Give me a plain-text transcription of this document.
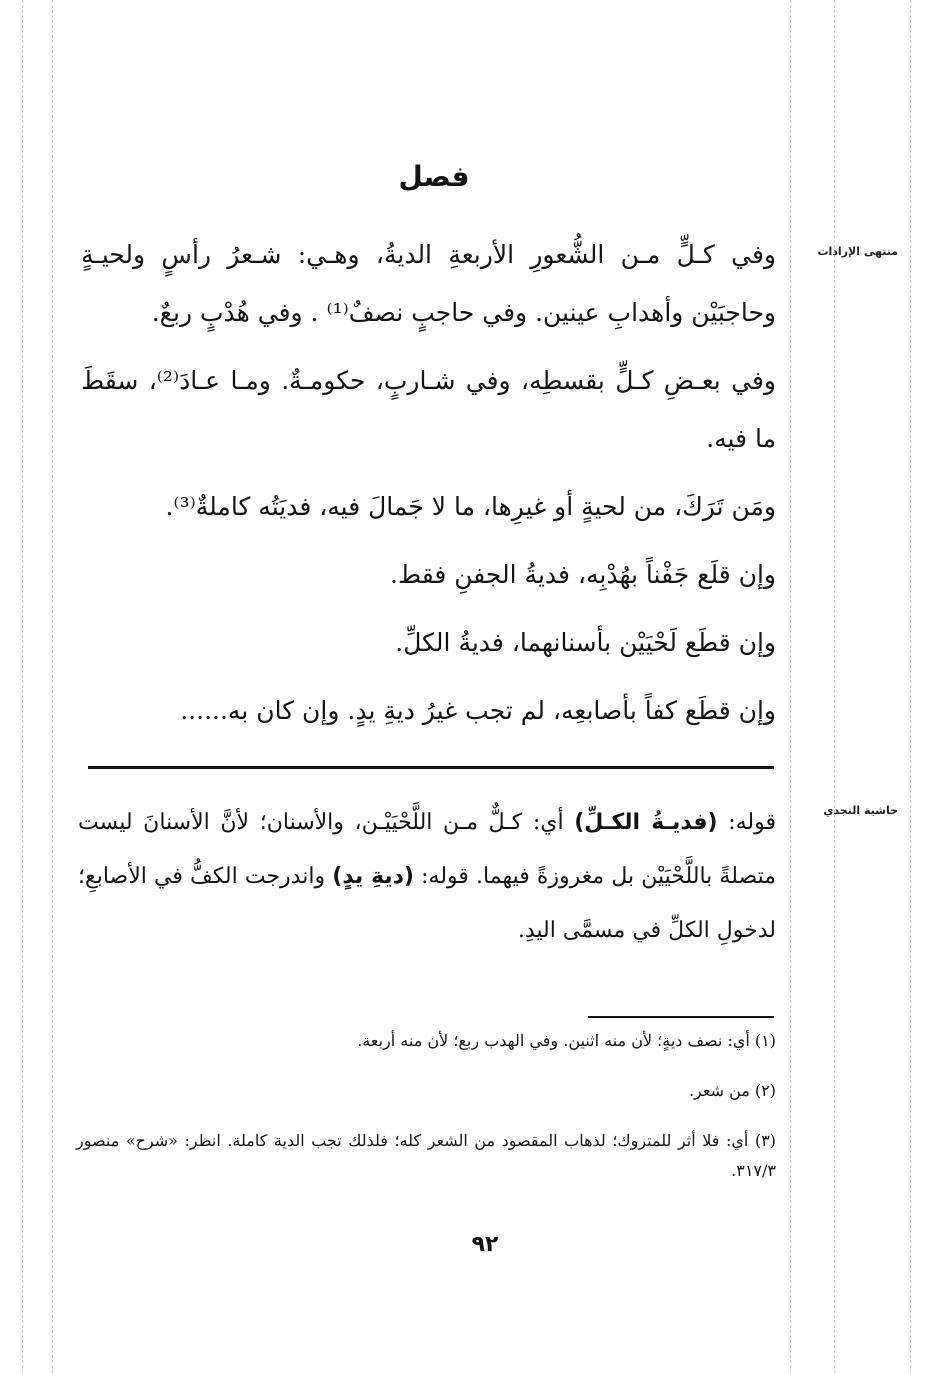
فصل
منتهى الإرادات

وفي كـلٍّ مـن الشُّعورِ الأربعةِ الديةُ، وهـي: شـعرُ رأسٍ ولحيـةٍ وحاجبَيْن وأهدابِ عينين. وفي حاجبٍ نصفٌ⁽¹⁾ . وفي هُدْبٍ ربعٌ.

وفي بعـضِ كـلٍّ بقسطِه، وفي شـاربٍ، حكومـةٌ. ومـا عـادَ⁽²⁾، سقَطَ ما فيه.

ومَن تَرَكَ، من لحيةٍ أو غيرِها، ما لا جَمالَ فيه، فديَتُه كاملةٌ⁽³⁾.

وإن قلَع جَفْناً بهُدْبِه، فديةُ الجفنِ فقط.

وإن قطَع لَحْيَيْن بأسنانهما، فديةُ الكلِّ.

وإن قطَع كفاً بأصابعِه، لم تجب غيرُ ديةِ يدٍ. وإن كان به......

حاشية النجدي

قوله: (فديـةُ الكـلِّ) أي: كـلٌّ مـن اللَّحْيَيْـن، والأسنان؛ لأنَّ الأسنانَ ليست متصلةً باللَّحْيَيْن بل مغروزةً فيهما. قوله: (ديةِ يدٍ) واندرجت الكفُّ في الأصابعِ؛ لدخولِ الكلِّ في مسمَّى اليدِ.

(١) أي: نصف ديةٍ؛ لأن منه اثنين. وفي الهدب ربع؛ لأن منه أربعة.

(٢) من شعر.

(٣) أي: فلا أثر للمتروك؛ لذهاب المقصود من الشعر كله؛ فلذلك تجب الدية كاملة. انظر: «شرح» منصور ٣١٧/٣.

٩٢
